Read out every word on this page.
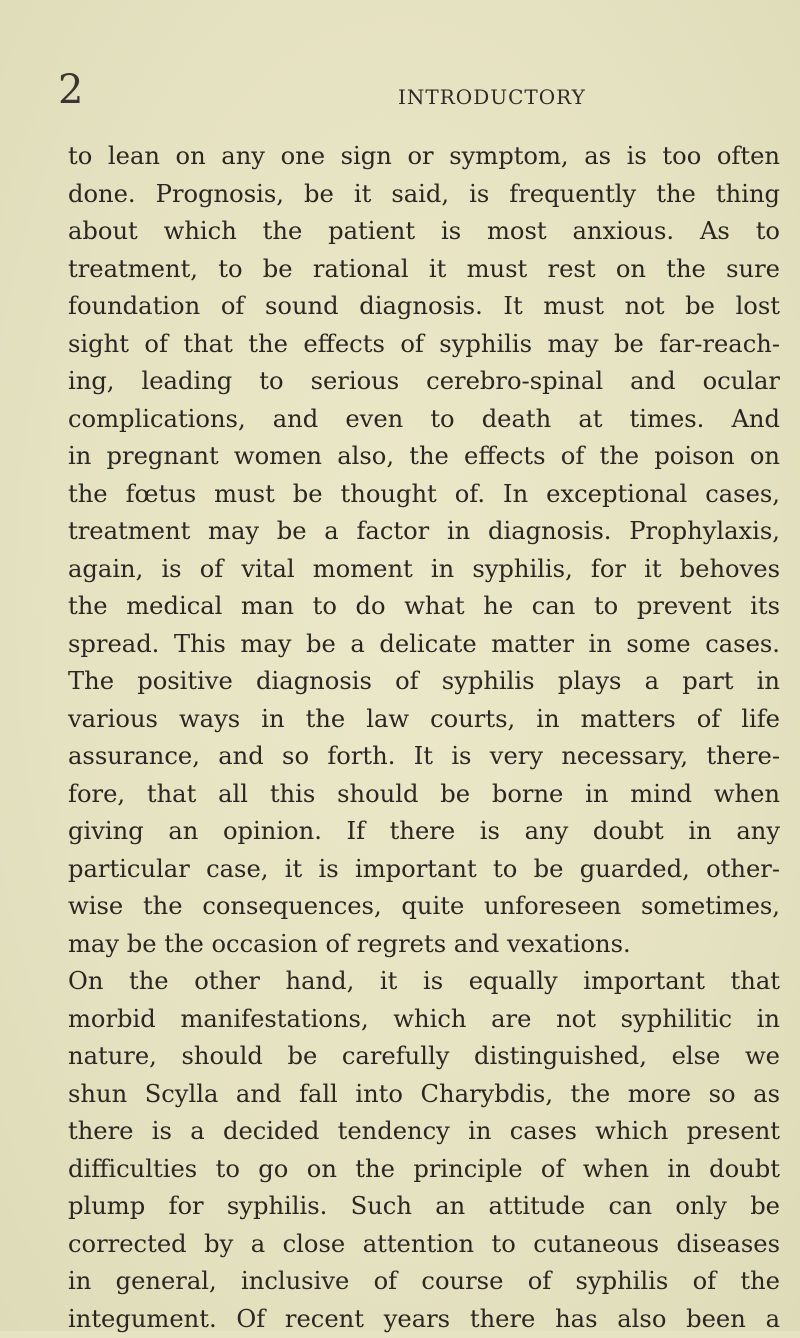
2	INTRODUCTORY
to lean on any one sign or symptom, as is too often
done. Prognosis, be it said, is frequently the thing
about which the patient is most anxious. As to
treatment, to be rational it must rest on the sure
foundation of sound diagnosis. It must not be lost
sight of that the effects of syphilis may be far-reach-
ing, leading to serious cerebro-spinal and ocular
complications, and even to death at times. And
in pregnant women also, the effects of the poison on
the fœtus must be thought of. In exceptional cases,
treatment may be a factor in diagnosis. Prophylaxis,
again, is of vital moment in syphilis, for it behoves
the medical man to do what he can to prevent its
spread. This may be a delicate matter in some cases.
The positive diagnosis of syphilis plays a part in
various ways in the law courts, in matters of life
assurance, and so forth. It is very necessary, there-
fore, that all this should be borne in mind when
giving an opinion. If there is any doubt in any
particular case, it is important to be guarded, other-
wise the consequences, quite unforeseen sometimes,
may be the occasion of regrets and vexations.
On the other hand, it is equally important that
morbid manifestations, which are not syphilitic in
nature, should be carefully distinguished, else we
shun Scylla and fall into Charybdis, the more so as
there is a decided tendency in cases which present
difficulties to go on the principle of when in doubt
plump for syphilis. Such an attitude can only be
corrected by a close attention to cutaneous diseases
in general, inclusive of course of syphilis of the
integument. Of recent years there has also been a
